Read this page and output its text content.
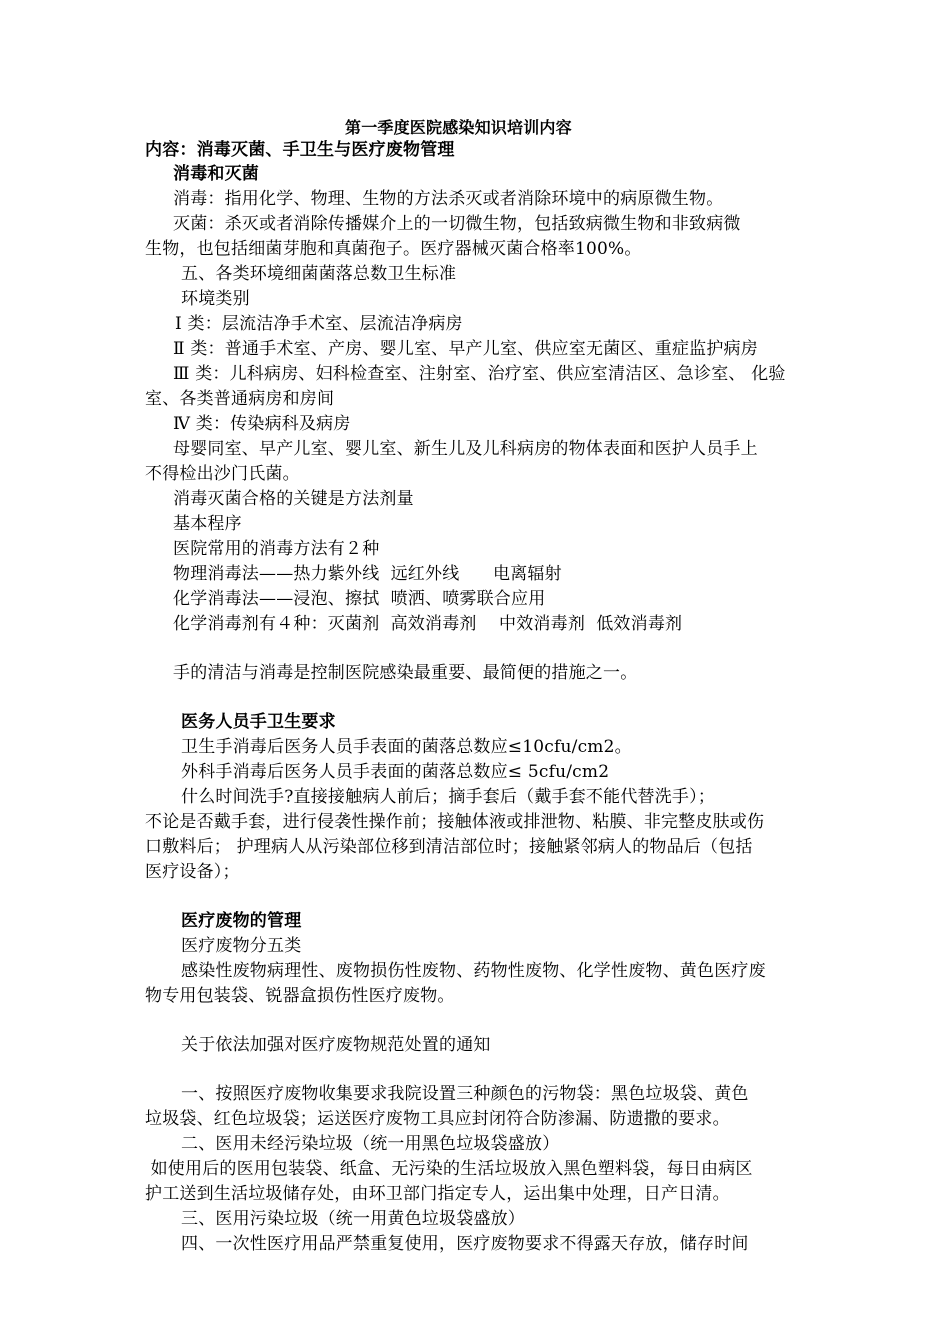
第一季度医院感染知识培训内容
内容：消毒灭菌、手卫生与医疗废物管理
消毒和灭菌
消毒：指用化学、物理、生物的方法杀灭或者消除环境中的病原微生物。
灭菌：杀灭或者消除传播媒介上的一切微生物，包括致病微生物和非致病微
生物，也包括细菌芽胞和真菌孢子。医疗器械灭菌合格率100%。
五、各类环境细菌菌落总数卫生标准
环境类别
Ⅰ 类：层流洁净手术室、层流洁净病房
Ⅱ 类：普通手术室、产房、婴儿室、早产儿室、供应室无菌区、重症监护病房
Ⅲ 类：儿科病房、妇科检查室、注射室、治疗室、供应室清洁区、急诊室、 化验
室、各类普通病房和房间
Ⅳ 类：传染病科及病房
母婴同室、早产儿室、婴儿室、新生儿及儿科病房的物体表面和医护人员手上
不得检出沙门氏菌。
消毒灭菌合格的关键是方法剂量
基本程序
医院常用的消毒方法有２种
物理消毒法——热力紫外线  远红外线      电离辐射
化学消毒法——浸泡、擦拭  喷洒、喷雾联合应用
化学消毒剂有４种：灭菌剂  高效消毒剂    中效消毒剂  低效消毒剂
手的清洁与消毒是控制医院感染最重要、最简便的措施之一。
医务人员手卫生要求
卫生手消毒后医务人员手表面的菌落总数应≤10cfu/cm2。
外科手消毒后医务人员手表面的菌落总数应≤ 5cfu/cm2
什么时间洗手?直接接触病人前后；摘手套后（戴手套不能代替洗手）；
不论是否戴手套，进行侵袭性操作前；接触体液或排泄物、粘膜、非完整皮肤或伤
口敷料后； 护理病人从污染部位移到清洁部位时；接触紧邻病人的物品后（包括
医疗设备）；
医疗废物的管理
医疗废物分五类
感染性废物病理性、废物损伤性废物、药物性废物、化学性废物、黄色医疗废
物专用包装袋、锐器盒损伤性医疗废物。
关于依法加强对医疗废物规范处置的通知
一、按照医疗废物收集要求我院设置三种颜色的污物袋：黑色垃圾袋、黄色
垃圾袋、红色垃圾袋；运送医疗废物工具应封闭符合防渗漏、防遗撒的要求。
二、医用未经污染垃圾（统一用黑色垃圾袋盛放）
如使用后的医用包装袋、纸盒、无污染的生活垃圾放入黑色塑料袋，每日由病区
护工送到生活垃圾储存处，由环卫部门指定专人，运出集中处理，日产日清。
三、医用污染垃圾（统一用黄色垃圾袋盛放）
四、一次性医疗用品严禁重复使用，医疗废物要求不得露天存放，储存时间
